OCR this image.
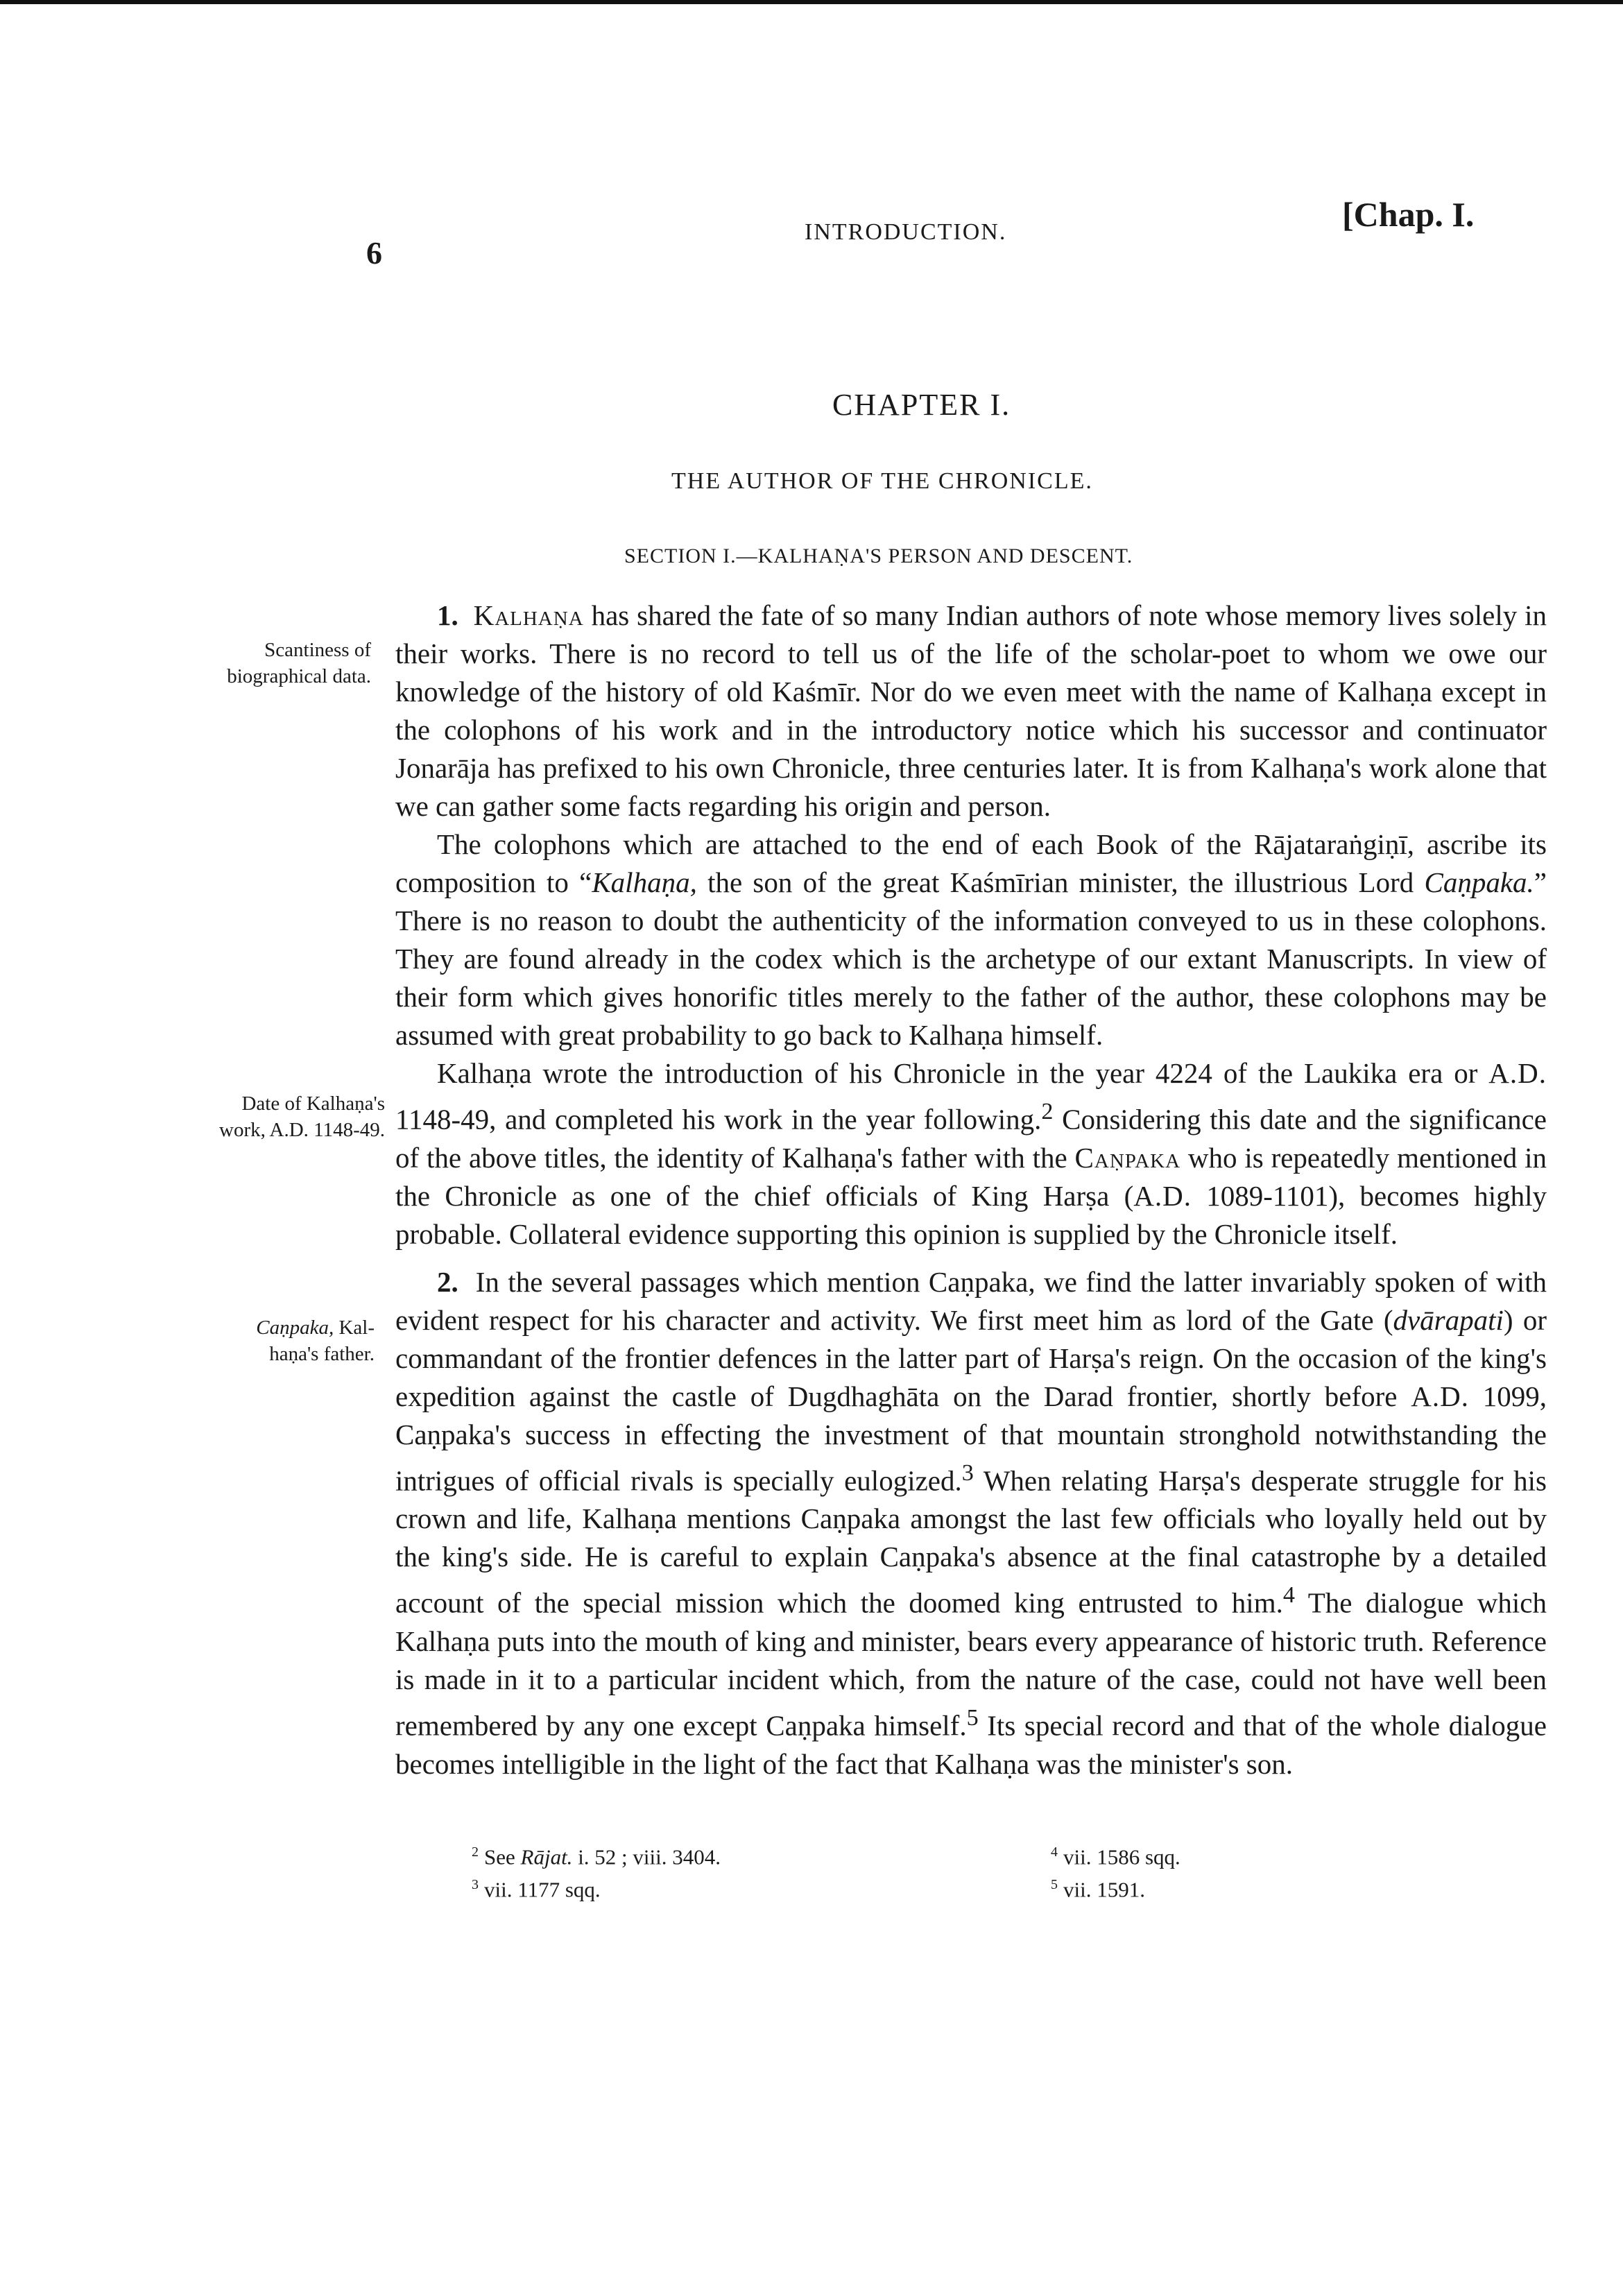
6
INTRODUCTION.	[Chap. I.
CHAPTER I.
THE AUTHOR OF THE CHRONICLE.
SECTION I.—KALHAṆA'S PERSON AND DESCENT.
Scantiness of
biographical data.
Date of Kalhaṇa's
work, A.D. 1148-49.
Caṇpaka, Kal-
haṇa's father.

1. Kalhaṇa has shared the fate of so many Indian authors of note whose memory lives solely in their works. There is no record to tell us of the life of the scholar-poet to whom we owe our knowledge of the history of old Kaśmīr. Nor do we even meet with the name of Kalhaṇa except in the colophons of his work and in the introductory notice which his successor and continuator Jonarāja has prefixed to his own Chronicle, three centuries later. It is from Kalhaṇa's work alone that we can gather some facts regarding his origin and person.

The colophons which are attached to the end of each Book of the Rājataraṅgiṇī, ascribe its composition to “Kalhaṇa, the son of the great Kaśmīrian minister, the illustrious Lord Caṇpaka.” There is no reason to doubt the authenticity of the information conveyed to us in these colophons. They are found already in the codex which is the archetype of our extant Manuscripts. In view of their form which gives honorific titles merely to the father of the author, these colophons may be assumed with great probability to go back to Kalhaṇa himself.

Kalhaṇa wrote the introduction of his Chronicle in the year 4224 of the Laukika era or A.D. 1148-49, and completed his work in the year following.$^2$ Considering this date and the significance of the above titles, the identity of Kalhaṇa's father with the Caṇpaka who is repeatedly mentioned in the Chronicle as one of the chief officials of King Harṣa (A.D. 1089-1101), becomes highly probable. Collateral evidence supporting this opinion is supplied by the Chronicle itself.

2. In the several passages which mention Caṇpaka, we find the latter invariably spoken of with evident respect for his character and activity. We first meet him as lord of the Gate (dvārapati) or commandant of the frontier defences in the latter part of Harṣa's reign. On the occasion of the king's expedition against the castle of Dugdhaghāta on the Darad frontier, shortly before A.D. 1099, Caṇpaka's success in effecting the investment of that mountain stronghold notwithstanding the intrigues of official rivals is specially eulogized.$^3$ When relating Harṣa's desperate struggle for his crown and life, Kalhaṇa mentions Caṇpaka amongst the last few officials who loyally held out by the king's side. He is careful to explain Caṇpaka's absence at the final catastrophe by a detailed account of the special mission which the doomed king entrusted to him.$^4$ The dialogue which Kalhaṇa puts into the mouth of king and minister, bears every appearance of historic truth. Reference is made in it to a particular incident which, from the nature of the case, could not have well been remembered by any one except Caṇpaka himself.$^5$ Its special record and that of the whole dialogue becomes intelligible in the light of the fact that Kalhaṇa was the minister's son.

$^2$ See Rājat. i. 52 ; viii. 3404.
$^3$ vii. 1177 sqq.
$^4$ vii. 1586 sqq.
$^5$ vii. 1591.
